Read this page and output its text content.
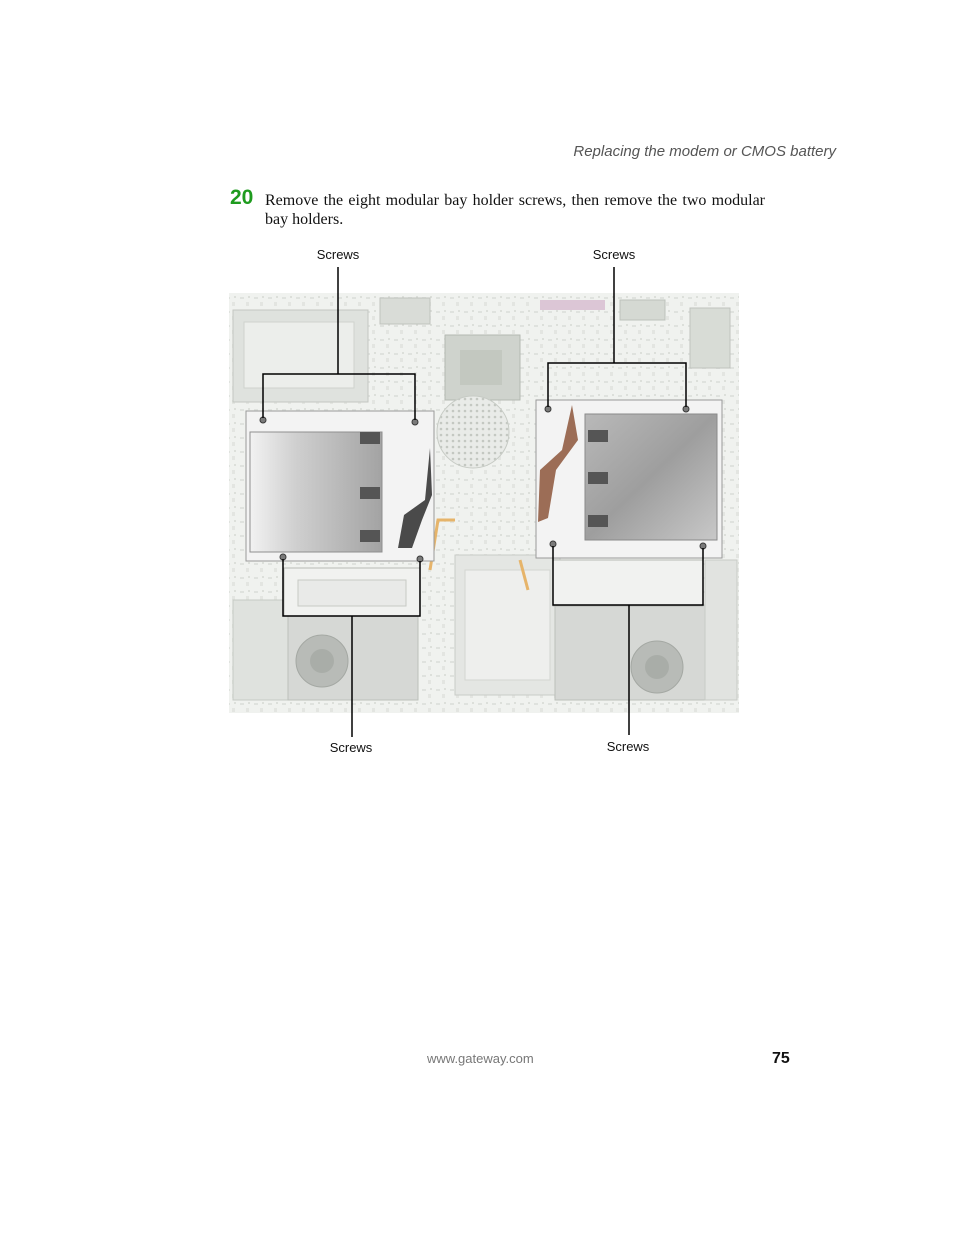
Replacing the modem or CMOS battery
20 Remove the eight modular bay holder screws, then remove the two modular bay holders.
Screws	Screws
Screws	Screws
www.gateway.com	75
